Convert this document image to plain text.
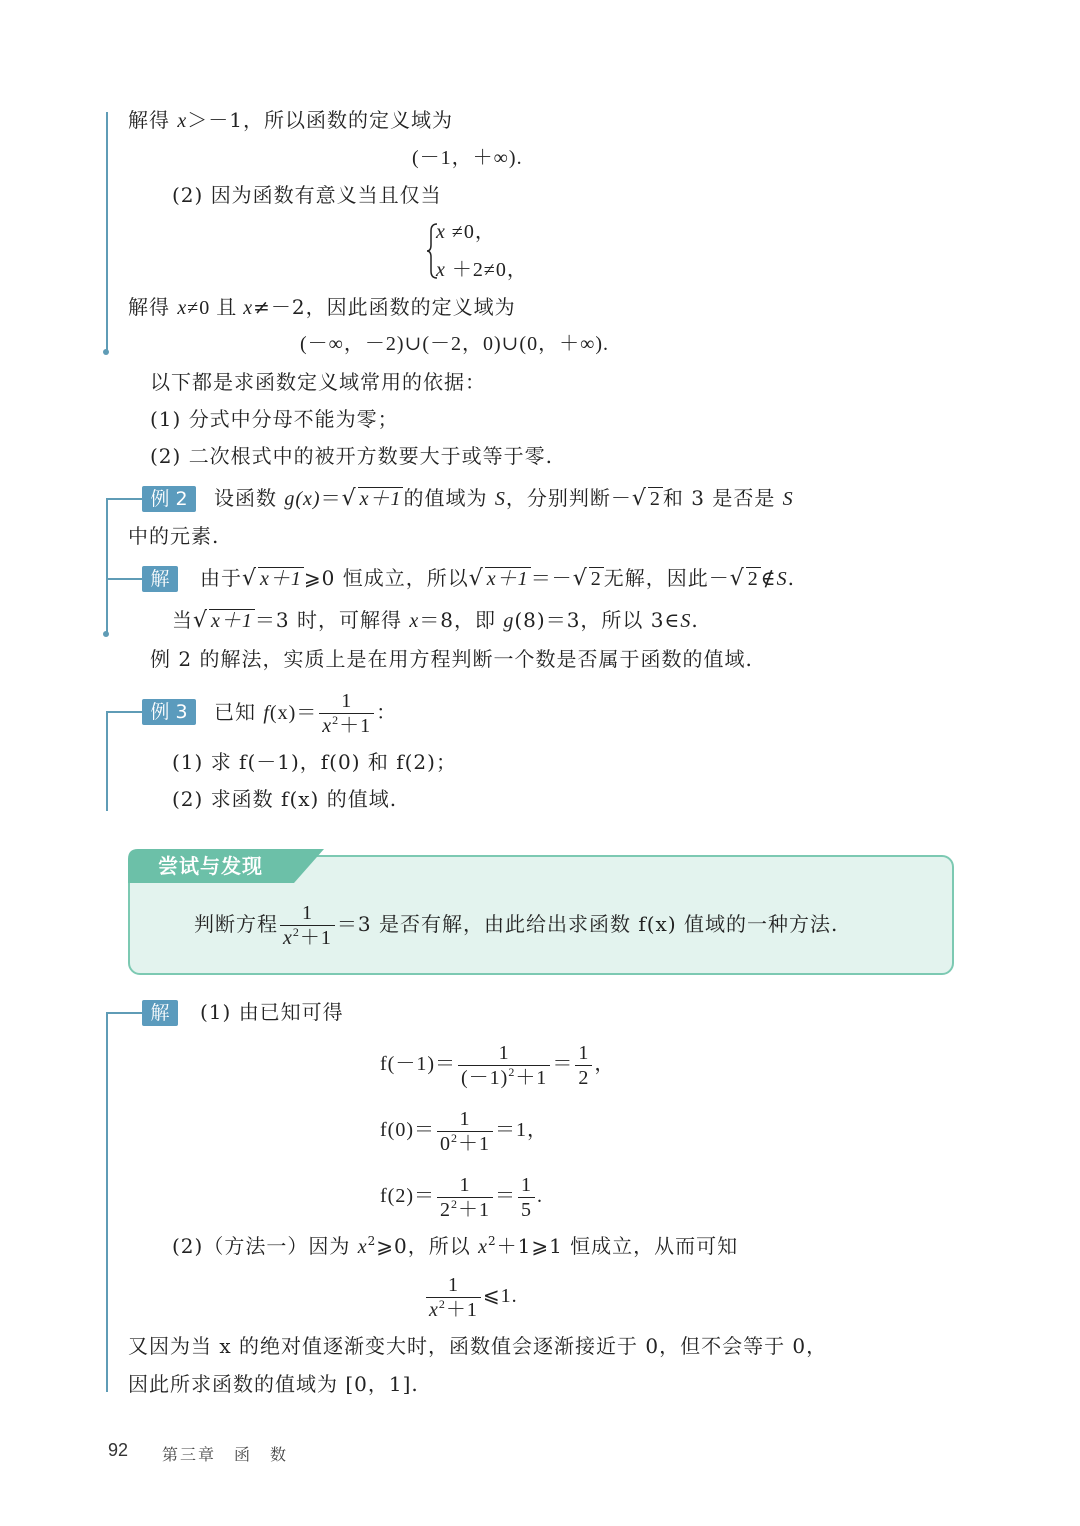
解得 x＞－1，所以函数的定义域为
(－1，＋∞).
(2) 因为函数有意义当且仅当
x ≠0，
x ＋2≠0，
解得 x≠0 且 x≠－2，因此函数的定义域为
(－∞，－2)∪(－2，0)∪(0，＋∞).
以下都是求函数定义域常用的依据：
(1) 分式中分母不能为零；
(2) 二次根式中的被开方数要大于或等于零.
例 2	设函数 g(x)＝√ x＋1 的值域为 S，分别判断－√ 2 和 3 是否是 S
中的元素.
解	由于√ x＋1 ⩾0 恒成立，所以√ x＋1 ＝－√ 2 无解，因此－√ 2 ∉S.
当√ x＋1 ＝3 时，可解得 x＝8，即 g(8)＝3，所以 3∈S.
例 2 的解法，实质上是在用方程判断一个数是否属于函数的值域.
例 3	已知 $f(x)= \frac{1}{x^2+1}$ ：
(1) 求 f(－1)，f(0) 和 f(2)；
(2) 求函数 f(x) 的值域.
尝试与发现
判断方程 $\frac{1}{x^2+1} =3$ 是否有解，由此给出求函数 f(x) 值域的一种方法.
解	(1) 由已知可得
$f(-1)= \frac{1}{(-1)^2+1} = \frac{1}{2}$ ，
$f(0)= \frac{1}{0^2+1} =1$，
$f(2)= \frac{1}{2^2+1} = \frac{1}{5}$ .
(2)（方法一）因为 $x^2⩾0$，所以 $x^2+1⩾1$ 恒成立，从而可知
$\frac{1}{x^2+1}$ ⩽1.
又因为当 x 的绝对值逐渐变大时，函数值会逐渐接近于 0，但不会等于 0，
因此所求函数的值域为 [0，1].
92 第三章　函　数
